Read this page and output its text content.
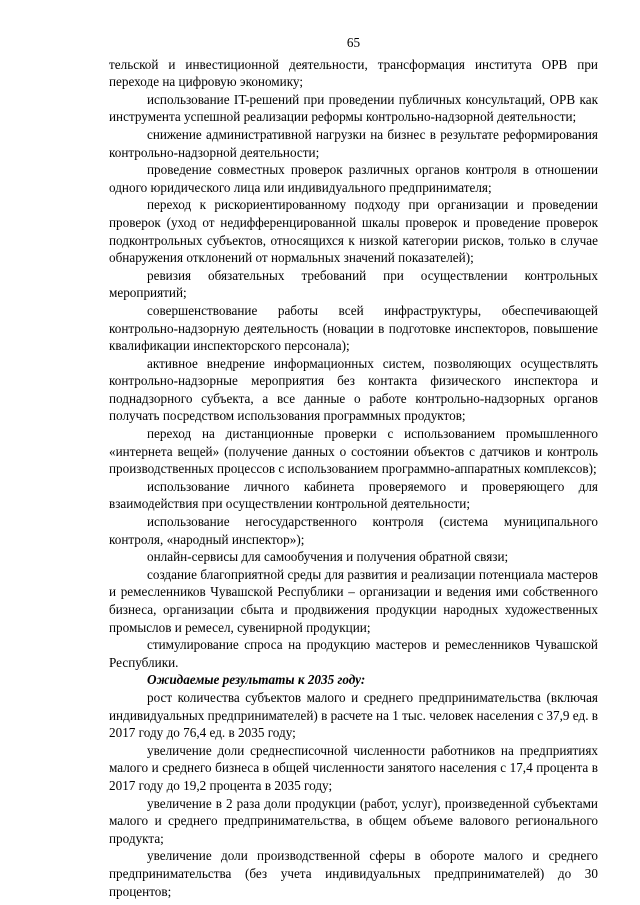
65

тельской и инвестиционной деятельности, трансформация института ОРВ при переходе на цифровую экономику;

использование IT-решений при проведении публичных консультаций, ОРВ как инструмента успешной реализации реформы контрольно-надзорной деятельности;

снижение административной нагрузки на бизнес в результате реформирования контрольно-надзорной деятельности;

проведение совместных проверок различных органов контроля в отношении одного юридического лица или индивидуального предпринимателя;

переход к рискориентированному подходу при организации и проведении проверок (уход от недифференцированной шкалы проверок и проведение проверок подконтрольных субъектов, относящихся к низкой категории рисков, только в случае обнаружения отклонений от нормальных значений показателей);

ревизия обязательных требований при осуществлении контрольных мероприятий;

совершенствование работы всей инфраструктуры, обеспечивающей контрольно-надзорную деятельность (новации в подготовке инспекторов, повышение квалификации инспекторского персонала);

активное внедрение информационных систем, позволяющих осуществлять контрольно-надзорные мероприятия без контакта физического инспектора и поднадзорного субъекта, а все данные о работе контрольно-надзорных органов получать посредством использования программных продуктов;

переход на дистанционные проверки с использованием промышленного «интернета вещей» (получение данных о состоянии объектов с датчиков и контроль производственных процессов с использованием программно-аппаратных комплексов);

использование личного кабинета проверяемого и проверяющего для взаимодействия при осуществлении контрольной деятельности;

использование негосударственного контроля (система муниципального контроля, «народный инспектор»);

онлайн-сервисы для самообучения и получения обратной связи;

создание благоприятной среды для развития и реализации потенциала мастеров и ремесленников Чувашской Республики – организации и ведения ими собственного бизнеса, организации сбыта и продвижения продукции народных художественных промыслов и ремесел, сувенирной продукции;

стимулирование спроса на продукцию мастеров и ремесленников Чувашской Республики.

Ожидаемые результаты к 2035 году:

рост количества субъектов малого и среднего предпринимательства (включая индивидуальных предпринимателей) в расчете на 1 тыс. человек населения с 37,9 ед. в 2017 году до 76,4 ед. в 2035 году;

увеличение доли среднесписочной численности работников на предприятиях малого и среднего бизнеса в общей численности занятого населения с 17,4 процента в 2017 году до 19,2 процента в 2035 году;

увеличение в 2 раза доли продукции (работ, услуг), произведенной субъектами малого и среднего предпринимательства, в общем объеме валового регионального продукта;

увеличение доли производственной сферы в обороте малого и среднего предпринимательства (без учета индивидуальных предпринимателей) до 30 процентов;
